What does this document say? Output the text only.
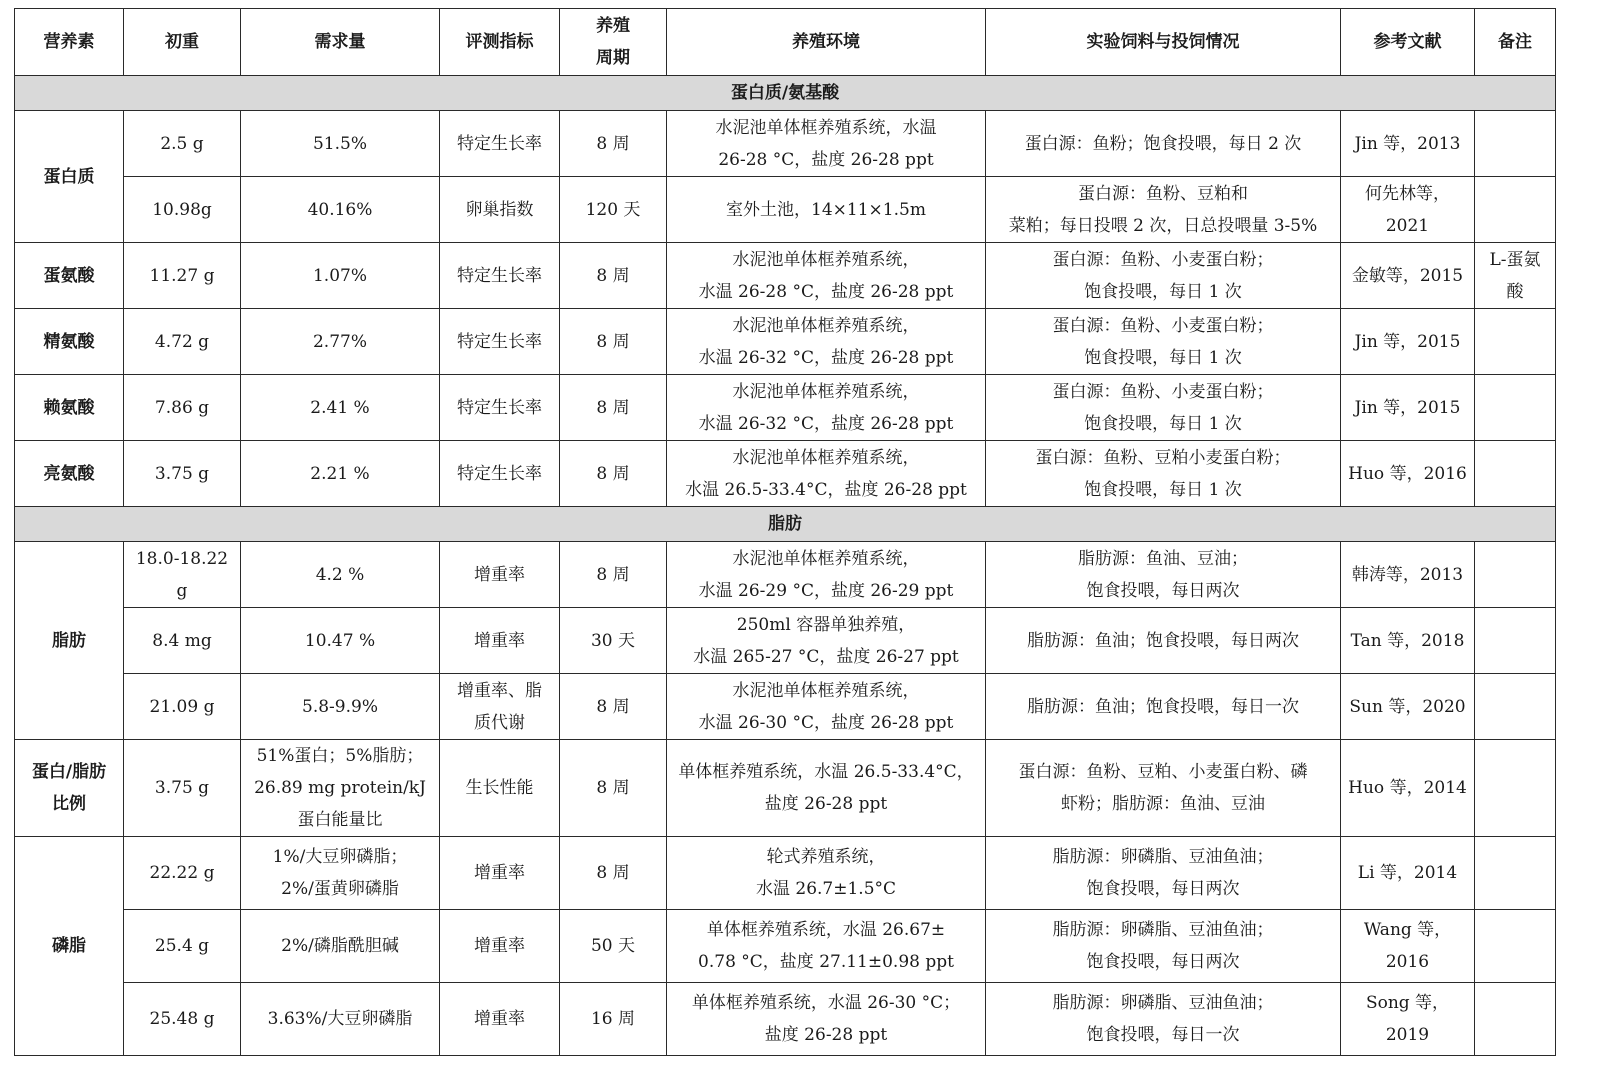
营养素	初重	需求量	评测指标	养殖
周期	养殖环境	实验饲料与投饲情况	参考文献	备注
蛋白质/氨基酸								
蛋白质	2.5 g	51.5%	特定生长率	8 周	水泥池单体框养殖系统，水温
26-28 °C，盐度 26-28 ppt	蛋白源：鱼粉；饱食投喂，每日 2 次	Jin 等，2013	
	10.98g	40.16%	卵巢指数	120 天	室外土池，14×11×1.5m	蛋白源：鱼粉、豆粕和
菜粕；每日投喂 2 次，日总投喂量 3-5%	何先林等，
2021	
蛋氨酸	11.27 g	1.07%	特定生长率	8 周	水泥池单体框养殖系统，
水温 26-28 °C，盐度 26-28 ppt	蛋白源：鱼粉、小麦蛋白粉；
饱食投喂，每日 1 次	金敏等，2015	L-蛋氨
酸
精氨酸	4.72 g	2.77%	特定生长率	8 周	水泥池单体框养殖系统，
水温 26-32 °C，盐度 26-28 ppt	蛋白源：鱼粉、小麦蛋白粉；
饱食投喂，每日 1 次	Jin 等，2015	
赖氨酸	7.86 g	2.41 %	特定生长率	8 周	水泥池单体框养殖系统，
水温 26-32 °C，盐度 26-28 ppt	蛋白源：鱼粉、小麦蛋白粉；
饱食投喂，每日 1 次	Jin 等，2015	
亮氨酸	3.75 g	2.21 %	特定生长率	8 周	水泥池单体框养殖系统，
水温 26.5-33.4°C，盐度 26-28 ppt	蛋白源：鱼粉、豆粕小麦蛋白粉；
饱食投喂，每日 1 次	Huo 等，2016	
脂肪								
脂肪	18.0-18.22
g	4.2 %	增重率	8 周	水泥池单体框养殖系统，
水温 26-29 °C，盐度 26-29 ppt	脂肪源：鱼油、豆油；
饱食投喂，每日两次	韩涛等，2013	
	8.4 mg	10.47 %	增重率	30 天	250ml 容器单独养殖，
水温 265-27 °C，盐度 26-27 ppt	脂肪源：鱼油；饱食投喂，每日两次	Tan 等，2018	
	21.09 g	5.8-9.9%	增重率、脂
质代谢	8 周	水泥池单体框养殖系统，
水温 26-30 °C，盐度 26-28 ppt	脂肪源：鱼油；饱食投喂，每日一次	Sun 等，2020	
蛋白/脂肪
比例	3.75 g	51%蛋白；5%脂肪；
26.89 mg protein/kJ
蛋白能量比	生长性能	8 周	单体框养殖系统，水温 26.5-33.4°C，
盐度 26-28 ppt	蛋白源：鱼粉、豆粕、小麦蛋白粉、磷
虾粉；脂肪源：鱼油、豆油	Huo 等，2014	
磷脂	22.22 g	1%/大豆卵磷脂；
2%/蛋黄卵磷脂	增重率	8 周	轮式养殖系统，
水温 26.7±1.5°C	脂肪源：卵磷脂、豆油鱼油；
饱食投喂，每日两次	Li 等，2014	
	25.4 g	2%/磷脂酰胆碱	增重率	50 天	单体框养殖系统，水温 26.67±
0.78 °C，盐度 27.11±0.98 ppt	脂肪源：卵磷脂、豆油鱼油；
饱食投喂，每日两次	Wang 等，
2016	
	25.48 g	3.63%/大豆卵磷脂	增重率	16 周	单体框养殖系统，水温 26-30 °C；
盐度 26-28 ppt	脂肪源：卵磷脂、豆油鱼油；
饱食投喂，每日一次	Song 等，2019	
